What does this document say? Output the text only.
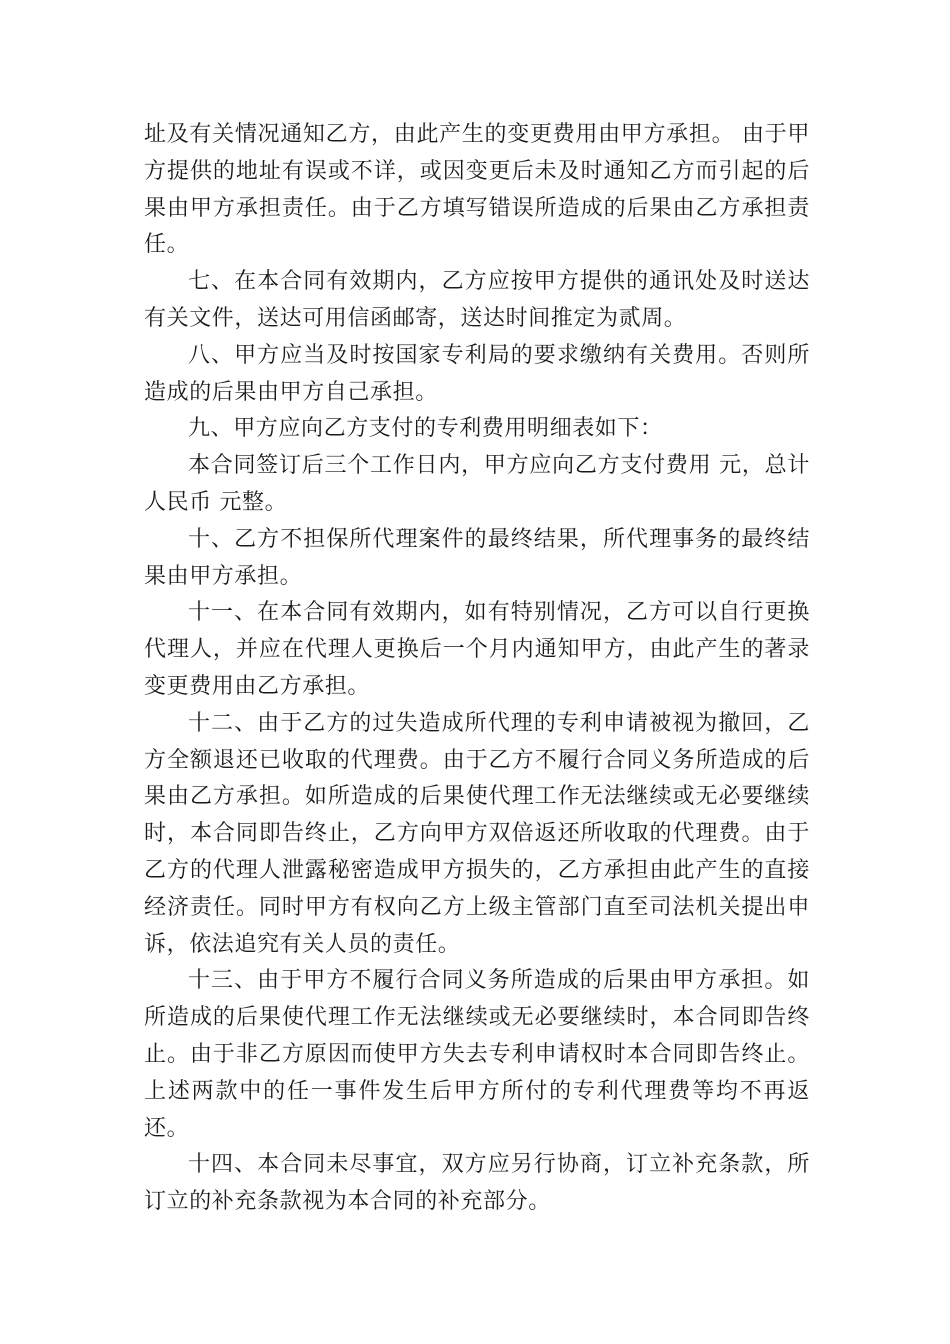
址及有关情况通知乙方，由此产生的变更费用由甲方承担。 由于甲方提供的地址有误或不详，或因变更后未及时通知乙方而引起的后果由甲方承担责任。由于乙方填写错误所造成的后果由乙方承担责任。

七、在本合同有效期内，乙方应按甲方提供的通讯处及时送达有关文件，送达可用信函邮寄，送达时间推定为贰周。

八、甲方应当及时按国家专利局的要求缴纳有关费用。否则所造成的后果由甲方自己承担。

九、甲方应向乙方支付的专利费用明细表如下：

本合同签订后三个工作日内，甲方应向乙方支付费用 元，总计人民币 元整。

十、乙方不担保所代理案件的最终结果，所代理事务的最终结果由甲方承担。

十一、在本合同有效期内，如有特别情况，乙方可以自行更换代理人，并应在代理人更换后一个月内通知甲方，由此产生的著录变更费用由乙方承担。

十二、由于乙方的过失造成所代理的专利申请被视为撤回，乙方全额退还已收取的代理费。由于乙方不履行合同义务所造成的后果由乙方承担。如所造成的后果使代理工作无法继续或无必要继续时，本合同即告终止，乙方向甲方双倍返还所收取的代理费。由于乙方的代理人泄露秘密造成甲方损失的，乙方承担由此产生的直接经济责任。同时甲方有权向乙方上级主管部门直至司法机关提出申诉，依法追究有关人员的责任。

十三、由于甲方不履行合同义务所造成的后果由甲方承担。如所造成的后果使代理工作无法继续或无必要继续时，本合同即告终止。由于非乙方原因而使甲方失去专利申请权时本合同即告终止。上述两款中的任一事件发生后甲方所付的专利代理费等均不再返还。

十四、本合同未尽事宜，双方应另行协商，订立补充条款，所订立的补充条款视为本合同的补充部分。
